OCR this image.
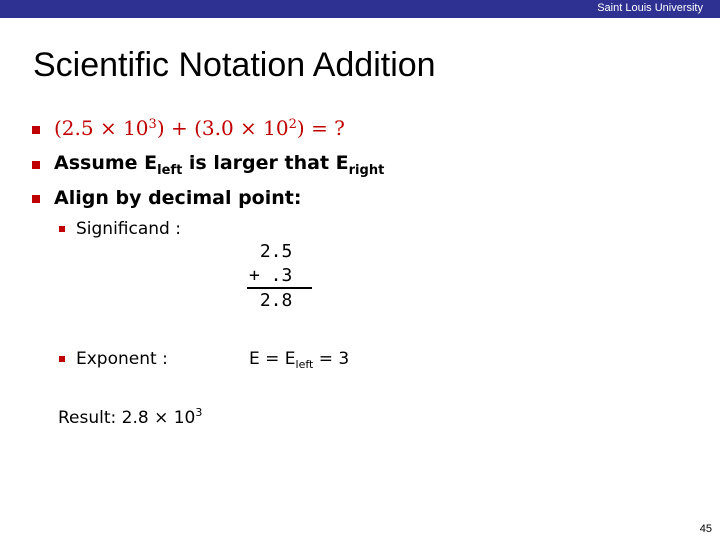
Saint Louis University
Scientific Notation Addition
$(2.5 \times 10^3) + (3.0 \times 10^2)$ = ?
Assume $E_{left}$ is larger that $E_{right}$
Align by decimal point:
Significand :
2.5
+ .3
2.8
Exponent :	$E = E_{left} = 3$
Result: $2.8 \times 10^3$
45
